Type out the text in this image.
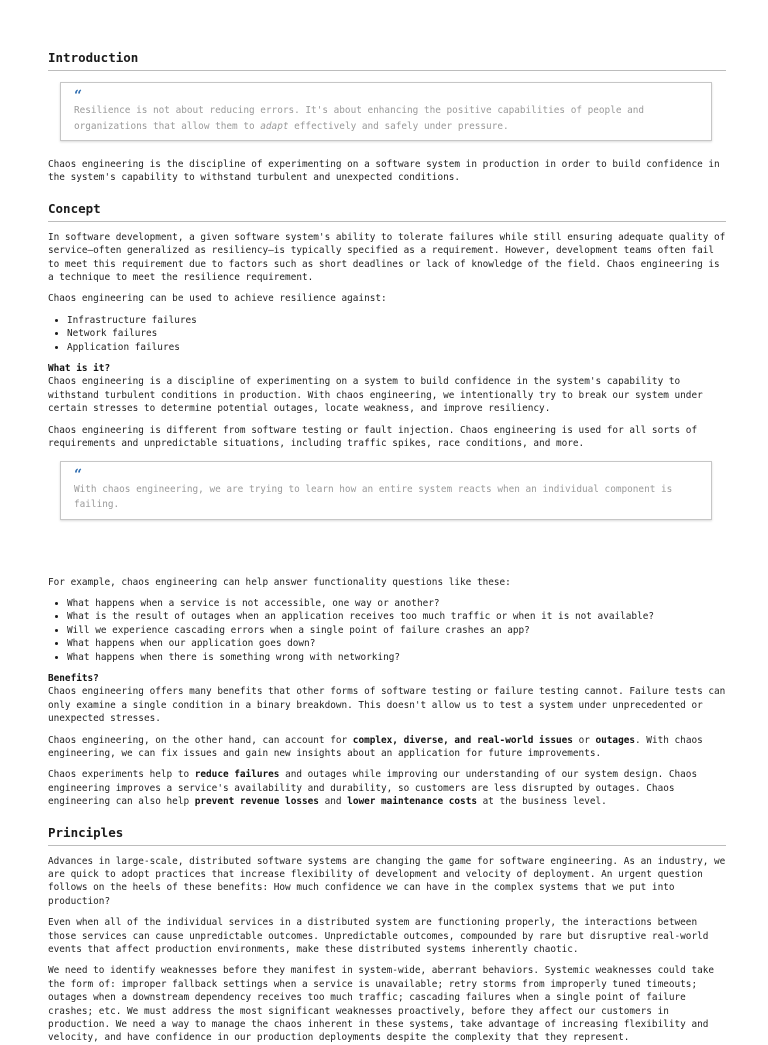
Introduction
“

Resilience is not about reducing errors. It's about enhancing the positive capabilities of people and organizations that allow them to adapt effectively and safely under pressure.

Chaos engineering is the discipline of experimenting on a software system in production in order to build confidence in the system's capability to withstand turbulent and unexpected conditions.

Concept

In software development, a given software system's ability to tolerate failures while still ensuring adequate quality of service—often generalized as resiliency—is typically specified as a requirement. However, development teams often fail to meet this requirement due to factors such as short deadlines or lack of knowledge of the field. Chaos engineering is a technique to meet the resilience requirement.

Chaos engineering can be used to achieve resilience against:

• Infrastructure failures
• Network failures
• Application failures

What is it?

Chaos engineering is a discipline of experimenting on a system to build confidence in the system's capability to withstand turbulent conditions in production. With chaos engineering, we intentionally try to break our system under certain stresses to determine potential outages, locate weakness, and improve resiliency.

Chaos engineering is different from software testing or fault injection. Chaos engineering is used for all sorts of requirements and unpredictable situations, including traffic spikes, race conditions, and more.

“

With chaos engineering, we are trying to learn how an entire system reacts when an individual component is failing.

For example, chaos engineering can help answer functionality questions like these:

• What happens when a service is not accessible, one way or another?
• What is the result of outages when an application receives too much traffic or when it is not available?
• Will we experience cascading errors when a single point of failure crashes an app?
• What happens when our application goes down?
• What happens when there is something wrong with networking?

Benefits?

Chaos engineering offers many benefits that other forms of software testing or failure testing cannot. Failure tests can only examine a single condition in a binary breakdown. This doesn't allow us to test a system under unprecedented or unexpected stresses.

Chaos engineering, on the other hand, can account for complex, diverse, and real-world issues or outages. With chaos engineering, we can fix issues and gain new insights about an application for future improvements.

Chaos experiments help to reduce failures and outages while improving our understanding of our system design. Chaos engineering improves a service's availability and durability, so customers are less disrupted by outages. Chaos engineering can also help prevent revenue losses and lower maintenance costs at the business level.

Principles

Advances in large-scale, distributed software systems are changing the game for software engineering. As an industry, we are quick to adopt practices that increase flexibility of development and velocity of deployment. An urgent question follows on the heels of these benefits: How much confidence we can have in the complex systems that we put into production?

Even when all of the individual services in a distributed system are functioning properly, the interactions between those services can cause unpredictable outcomes. Unpredictable outcomes, compounded by rare but disruptive real-world events that affect production environments, make these distributed systems inherently chaotic.

We need to identify weaknesses before they manifest in system-wide, aberrant behaviors. Systemic weaknesses could take the form of: improper fallback settings when a service is unavailable; retry storms from improperly tuned timeouts; outages when a downstream dependency receives too much traffic; cascading failures when a single point of failure crashes; etc. We must address the most significant weaknesses proactively, before they affect our customers in production. We need a way to manage the chaos inherent in these systems, take advantage of increasing flexibility and velocity, and have confidence in our production deployments despite the complexity that they represent.
